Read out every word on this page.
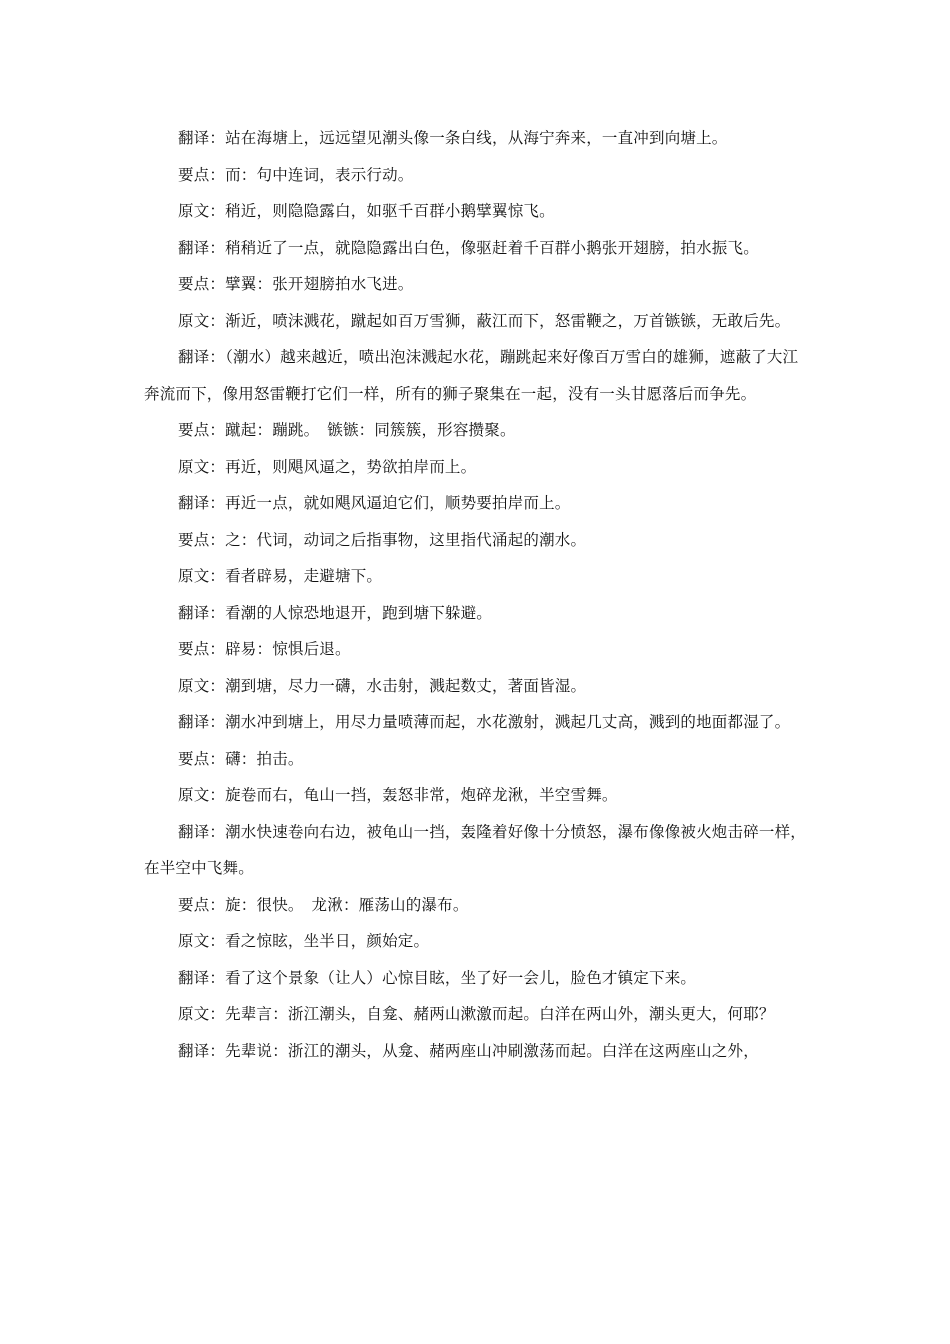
翻译：站在海塘上，远远望见潮头像一条白线，从海宁奔来，一直冲到向塘上。

要点：而：句中连词，表示行动。

原文：稍近，则隐隐露白，如驱千百群小鹅擘翼惊飞。

翻译：稍稍近了一点，就隐隐露出白色，像驱赶着千百群小鹅张开翅膀，拍水振飞。

要点：擘翼：张开翅膀拍水飞进。

原文：渐近，喷沫溅花，蹴起如百万雪狮，蔽江而下，怒雷鞭之，万首镞镞，无敢后先。

翻译：（潮水）越来越近，喷出泡沫溅起水花，蹦跳起来好像百万雪白的雄狮，遮蔽了大江奔流而下，像用怒雷鞭打它们一样，所有的狮子聚集在一起，没有一头甘愿落后而争先。

要点：蹴起：蹦跳。　镞镞：同簇簇，形容攒聚。

原文：再近，则飓风逼之，势欲拍岸而上。

翻译：再近一点，就如飓风逼迫它们，顺势要拍岸而上。

要点：之：代词，动词之后指事物，这里指代涌起的潮水。

原文：看者辟易，走避塘下。

翻译：看潮的人惊恐地退开，跑到塘下躲避。

要点：辟易：惊惧后退。

原文：潮到塘，尽力一礴，水击射，溅起数丈，著面皆湿。

翻译：潮水冲到塘上，用尽力量喷薄而起，水花激射，溅起几丈高，溅到的地面都湿了。

要点：礴：拍击。

原文：旋卷而右，龟山一挡，轰怒非常，炮碎龙湫，半空雪舞。

翻译：潮水快速卷向右边，被龟山一挡，轰隆着好像十分愤怒，瀑布像像被火炮击碎一样，在半空中飞舞。

要点：旋：很快。　龙湫：雁荡山的瀑布。

原文：看之惊眩，坐半日，颜始定。

翻译：看了这个景象（让人）心惊目眩，坐了好一会儿，脸色才镇定下来。

原文：先辈言：浙江潮头，自龛、赭两山漱激而起。白洋在两山外，潮头更大，何耶？

翻译：先辈说：浙江的潮头，从龛、赭两座山冲刷激荡而起。白洋在这两座山之外，
